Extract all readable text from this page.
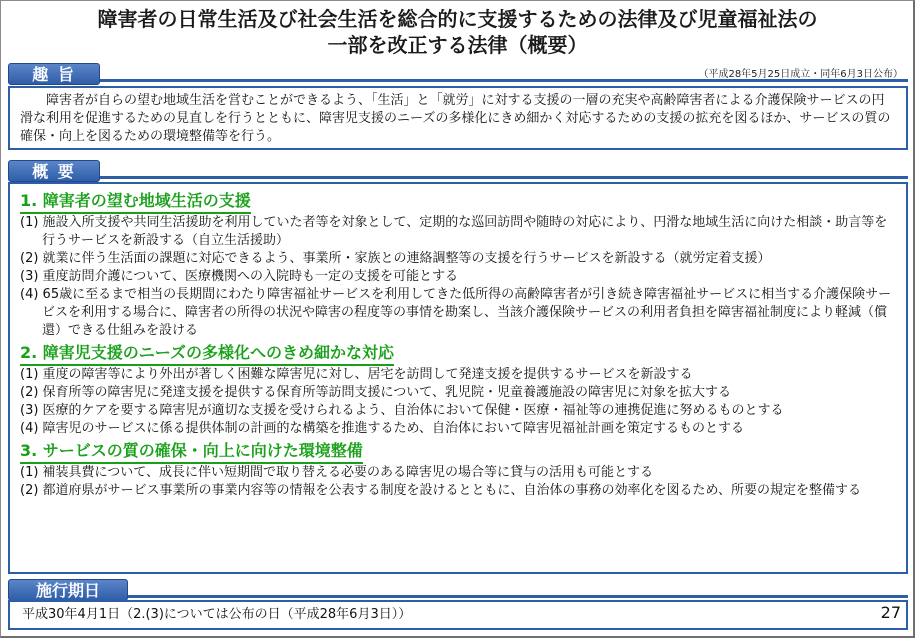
障害者の日常生活及び社会生活を総合的に支援するための法律及び児童福祉法の
一部を改正する法律（概要）
趣 旨	（平成28年5月25日成立・同年6月3日公布）

障害者が自らの望む地域生活を営むことができるよう、「生活」と「就労」に対する支援の一層の充実や高齢障害者による介護保険サービスの円滑な利用を促進するための見直しを行うとともに、障害児支援のニーズの多様化にきめ細かく対応するための支援の拡充を図るほか、サービスの質の確保・向上を図るための環境整備等を行う。

概 要
1. 障害者の望む地域生活の支援
(1) 施設入所支援や共同生活援助を利用していた者等を対象として、定期的な巡回訪問や随時の対応により、円滑な地域生活に向けた相談・助言等を行うサービスを新設する（自立生活援助）
(2) 就業に伴う生活面の課題に対応できるよう、事業所・家族との連絡調整等の支援を行うサービスを新設する（就労定着支援）
(3) 重度訪問介護について、医療機関への入院時も一定の支援を可能とする
(4) 65歳に至るまで相当の長期間にわたり障害福祉サービスを利用してきた低所得の高齢障害者が引き続き障害福祉サービスに相当する介護保険サービスを利用する場合に、障害者の所得の状況や障害の程度等の事情を勘案し、当該介護保険サービスの利用者負担を障害福祉制度により軽減（償還）できる仕組みを設ける
2. 障害児支援のニーズの多様化へのきめ細かな対応
(1) 重度の障害等により外出が著しく困難な障害児に対し、居宅を訪問して発達支援を提供するサービスを新設する
(2) 保育所等の障害児に発達支援を提供する保育所等訪問支援について、乳児院・児童養護施設の障害児に対象を拡大する
(3) 医療的ケアを要する障害児が適切な支援を受けられるよう、自治体において保健・医療・福祉等の連携促進に努めるものとする
(4) 障害児のサービスに係る提供体制の計画的な構築を推進するため、自治体において障害児福祉計画を策定するものとする
3. サービスの質の確保・向上に向けた環境整備
(1) 補装具費について、成長に伴い短期間で取り替える必要のある障害児の場合等に貸与の活用も可能とする
(2) 都道府県がサービス事業所の事業内容等の情報を公表する制度を設けるとともに、自治体の事務の効率化を図るため、所要の規定を整備する
施行期日
平成30年4月1日（2.(3)については公布の日（平成28年6月3日））	27
